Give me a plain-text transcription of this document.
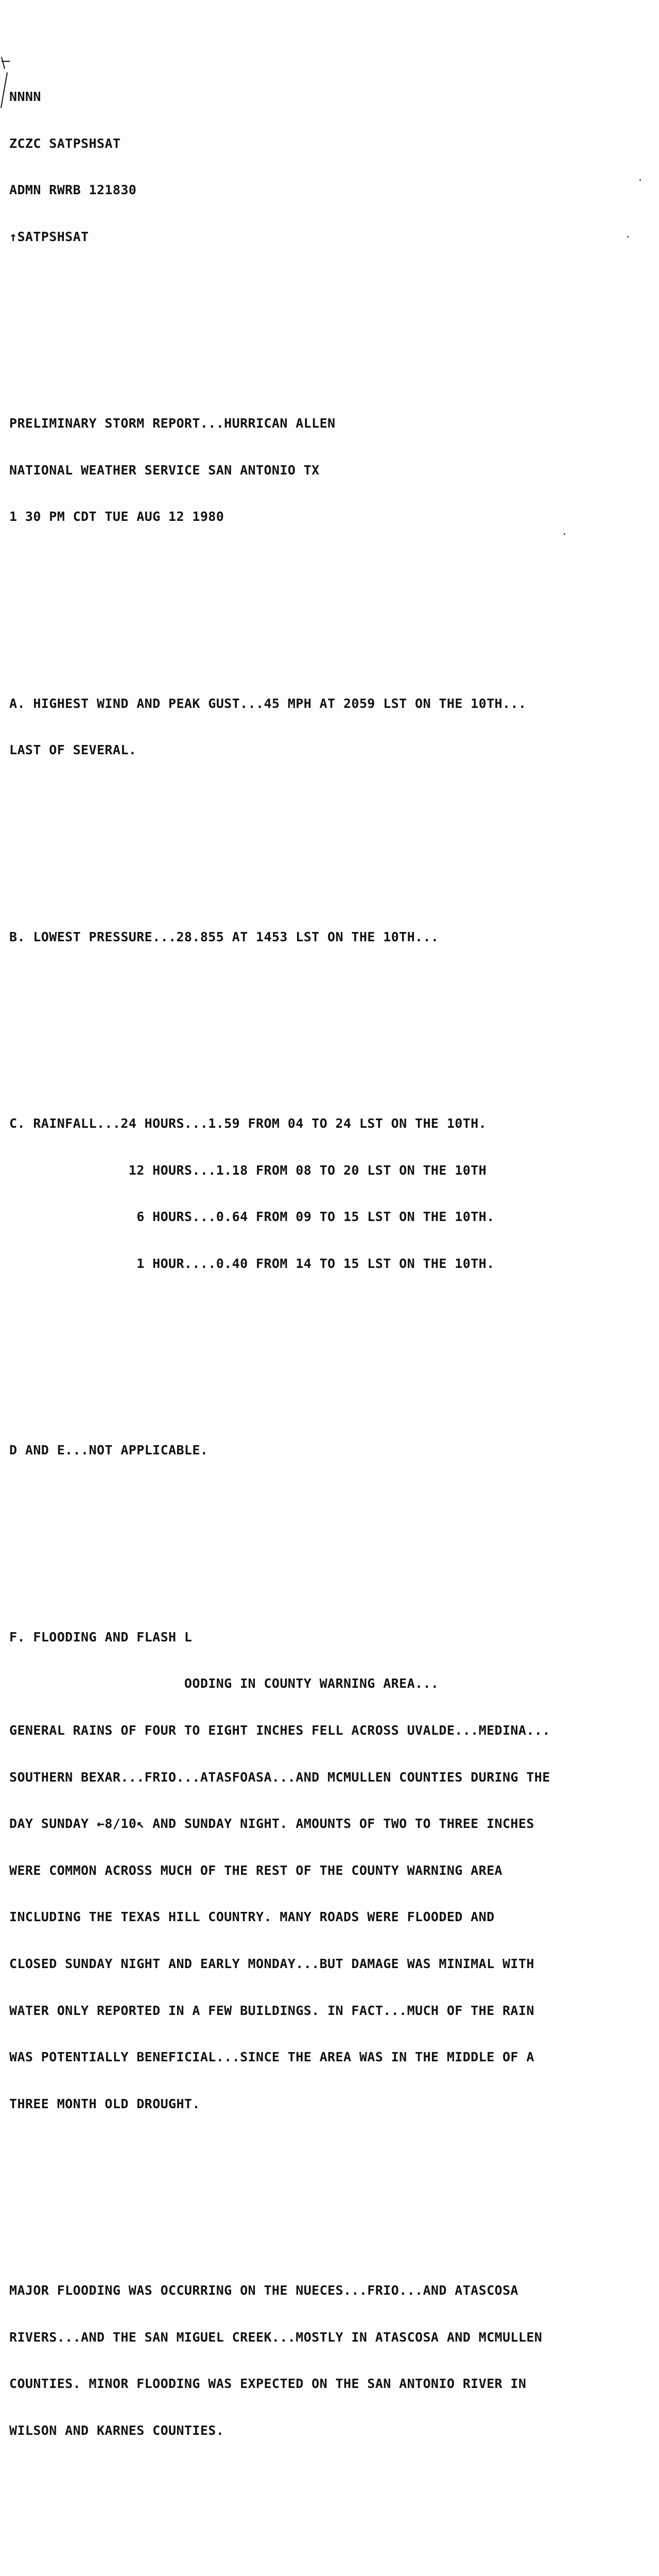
NNNN

ZCZC SATPSHSAT

ADMN RWRB 121830

↑SATPSHSAT

PRELIMINARY STORM REPORT...HURRICAN ALLEN

NATIONAL WEATHER SERVICE SAN ANTONIO TX

1 30 PM CDT TUE AUG 12 1980

A. HIGHEST WIND AND PEAK GUST...45 MPH AT 2059 LST ON THE 10TH...

LAST OF SEVERAL.

B. LOWEST PRESSURE...28.855 AT 1453 LST ON THE 10TH...

C. RAINFALL...24 HOURS...1.59 FROM 04 TO 24 LST ON THE 10TH.

12 HOURS...1.18 FROM 08 TO 20 LST ON THE 10TH

6 HOURS...0.64 FROM 09 TO 15 LST ON THE 10TH.

1 HOUR....0.40 FROM 14 TO 15 LST ON THE 10TH.

D AND E...NOT APPLICABLE.

F. FLOODING AND FLASH L

OODING IN COUNTY WARNING AREA...

GENERAL RAINS OF FOUR TO EIGHT INCHES FELL ACROSS UVALDE...MEDINA...

SOUTHERN BEXAR...FRIO...ATASFOASA...AND MCMULLEN COUNTIES DURING THE

DAY SUNDAY ←8/10↖ AND SUNDAY NIGHT. AMOUNTS OF TWO TO THREE INCHES

WERE COMMON ACROSS MUCH OF THE REST OF THE COUNTY WARNING AREA

INCLUDING THE TEXAS HILL COUNTRY. MANY ROADS WERE FLOODED AND

CLOSED SUNDAY NIGHT AND EARLY MONDAY...BUT DAMAGE WAS MINIMAL WITH

WATER ONLY REPORTED IN A FEW BUILDINGS. IN FACT...MUCH OF THE RAIN

WAS POTENTIALLY BENEFICIAL...SINCE THE AREA WAS IN THE MIDDLE OF A

THREE MONTH OLD DROUGHT.

MAJOR FLOODING WAS OCCURRING ON THE NUECES...FRIO...AND ATASCOSA

RIVERS...AND THE SAN MIGUEL CREEK...MOSTLY IN ATASCOSA AND MCMULLEN

COUNTIES. MINOR FLOODING WAS EXPECTED ON THE SAN ANTONIO RIVER IN

WILSON AND KARNES COUNTIES.
